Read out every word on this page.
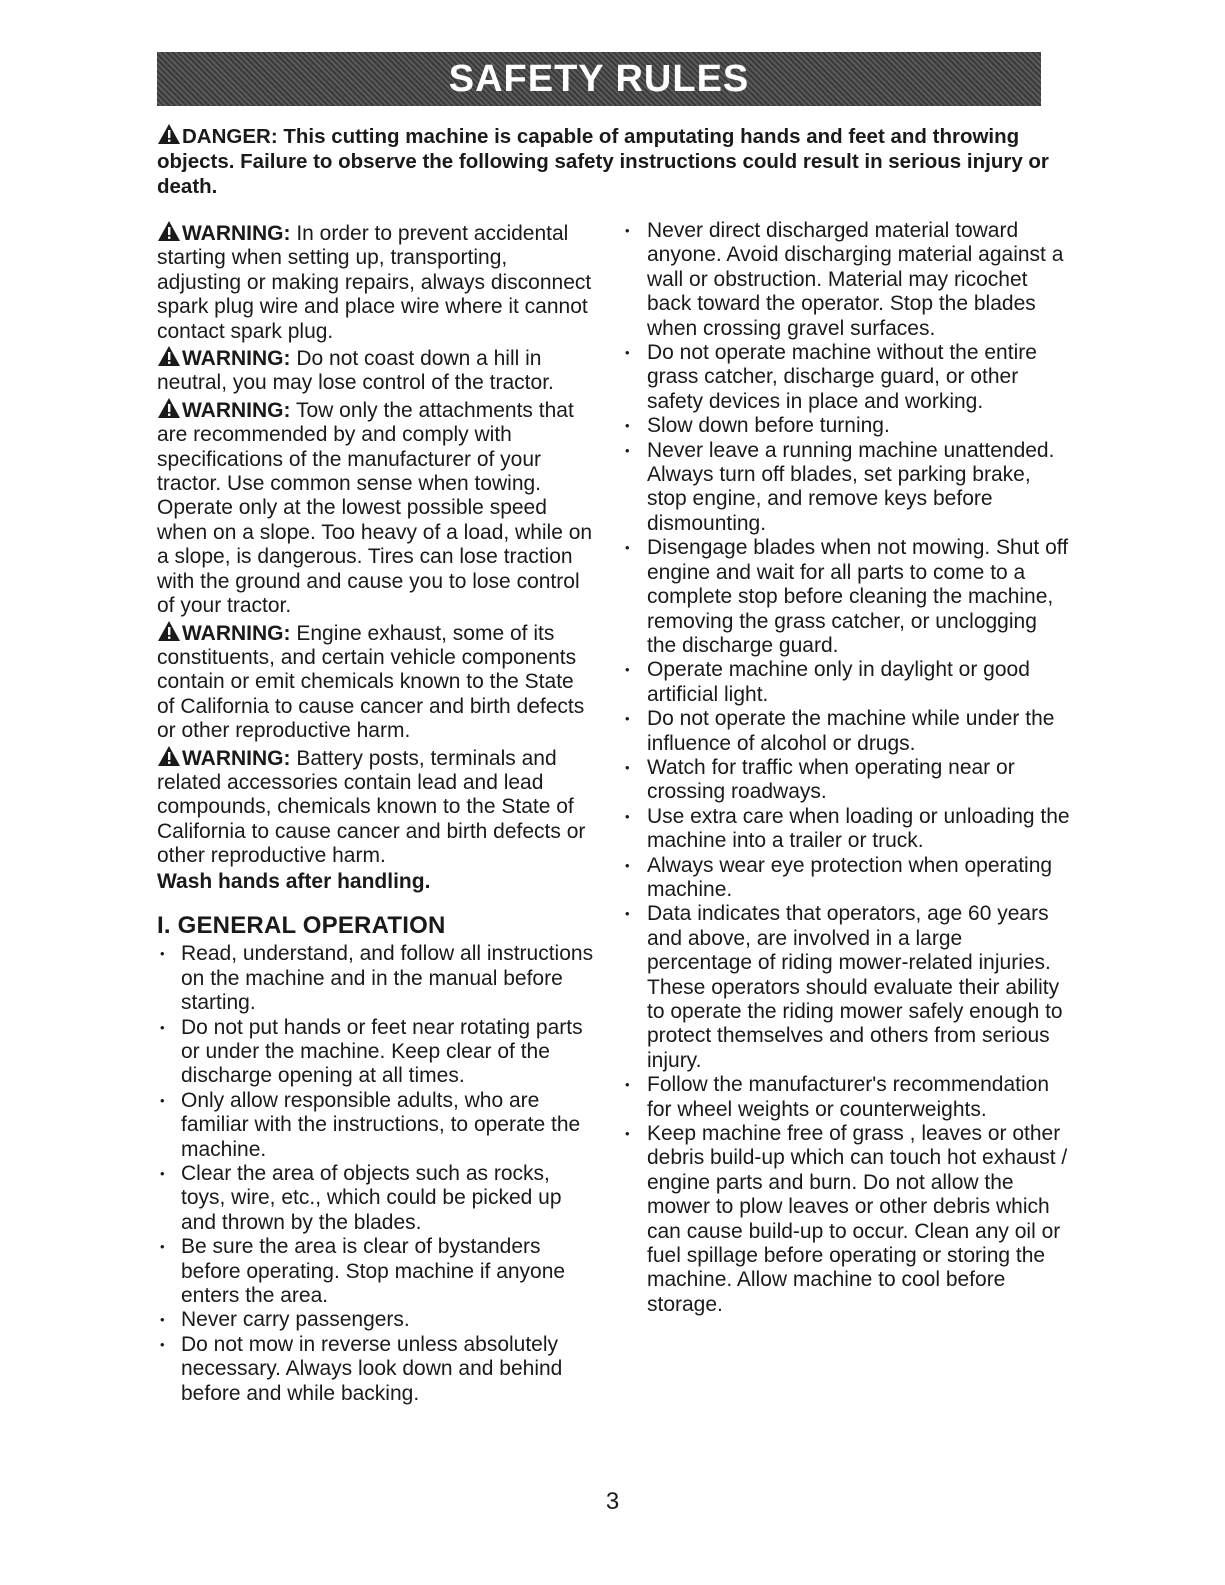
SAFETY RULES
DANGER: This cutting machine is capable of amputating hands and feet and throwing objects. Failure to observe the following safety instructions could result in serious injury or death.

WARNING: In order to prevent accidental starting when setting up, transporting, adjusting or making repairs, always disconnect spark plug wire and place wire where it cannot contact spark plug.

WARNING: Do not coast down a hill in neutral, you may lose control of the tractor.

WARNING: Tow only the attachments that are recommended by and comply with specifications of the manufacturer of your tractor. Use common sense when towing. Operate only at the lowest possible speed when on a slope. Too heavy of a load, while on a slope, is dangerous. Tires can lose traction with the ground and cause you to lose control of your tractor.

WARNING: Engine exhaust, some of its constituents, and certain vehicle components contain or emit chemicals known to the State of California to cause cancer and birth defects or other reproductive harm.

WARNING: Battery posts, terminals and related accessories contain lead and lead compounds, chemicals known to the State of California to cause cancer and birth defects or other reproductive harm.

Wash hands after handling.

I. GENERAL OPERATION
• Read, understand, and follow all instructions on the machine and in the manual before starting.
• Do not put hands or feet near rotating parts or under the machine. Keep clear of the discharge opening at all times.
• Only allow responsible adults, who are familiar with the instructions, to operate the machine.
• Clear the area of objects such as rocks, toys, wire, etc., which could be picked up and thrown by the blades.
• Be sure the area is clear of bystanders before operating. Stop machine if anyone enters the area.
• Never carry passengers.
• Do not mow in reverse unless absolutely necessary. Always look down and behind before and while backing.
• Never direct discharged material toward anyone. Avoid discharging material against a wall or obstruction. Material may ricochet back toward the operator. Stop the blades when crossing gravel surfaces.
• Do not operate machine without the entire grass catcher, discharge guard, or other safety devices in place and working.
• Slow down before turning.
• Never leave a running machine unattended. Always turn off blades, set parking brake, stop engine, and remove keys before dismounting.
• Disengage blades when not mowing. Shut off engine and wait for all parts to come to a complete stop before cleaning the machine, removing the grass catcher, or unclogging the discharge guard.
• Operate machine only in daylight or good artificial light.
• Do not operate the machine while under the influence of alcohol or drugs.
• Watch for traffic when operating near or crossing roadways.
• Use extra care when loading or unloading the machine into a trailer or truck.
• Always wear eye protection when operating machine.
• Data indicates that operators, age 60 years and above, are involved in a large percentage of riding mower-related injuries. These operators should evaluate their ability to operate the riding mower safely enough to protect themselves and others from serious injury.
• Follow the manufacturer's recommendation for wheel weights or counterweights.
• Keep machine free of grass , leaves or other debris build-up which can touch hot exhaust / engine parts and burn. Do not allow the mower to plow leaves or other debris which can cause build-up to occur. Clean any oil or fuel spillage before operating or storing the machine. Allow machine to cool before storage.
3
